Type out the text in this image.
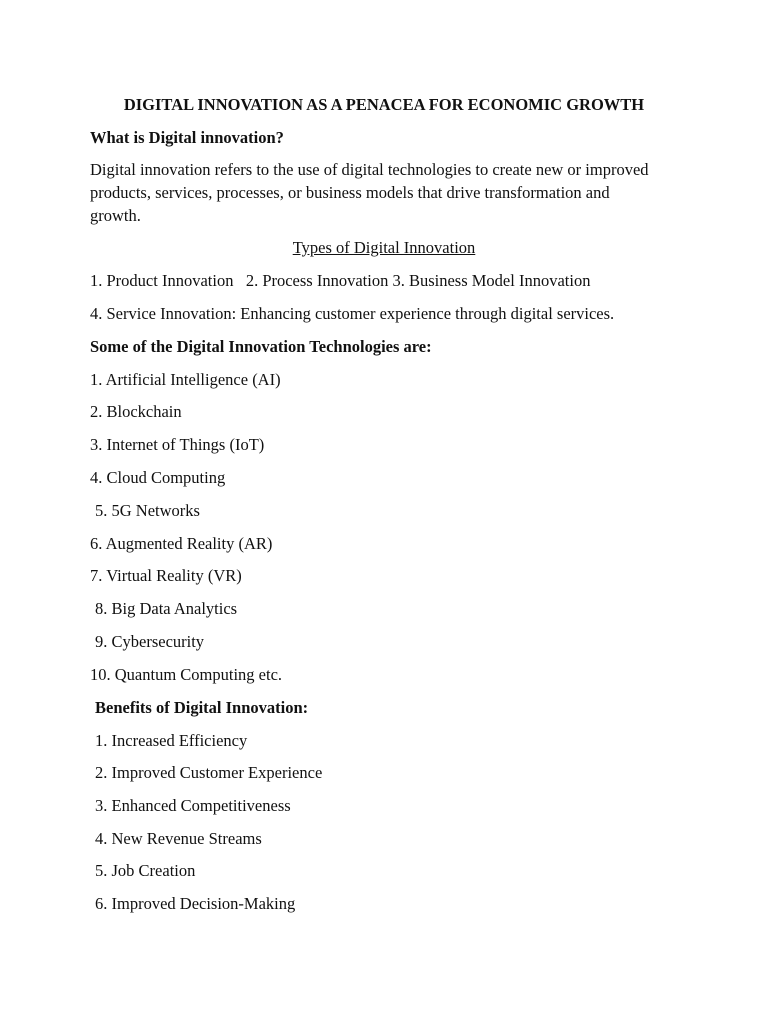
DIGITAL INNOVATION AS A PENACEA FOR ECONOMIC GROWTH
What is Digital innovation?

Digital innovation refers to the use of digital technologies to create new or improved products, services, processes, or business models that drive transformation and growth.

Types of Digital Innovation
1. Product Innovation   2. Process Innovation 3. Business Model Innovation
4. Service Innovation: Enhancing customer experience through digital services.
Some of the Digital Innovation Technologies are:
1. Artificial Intelligence (AI)
2. Blockchain
3. Internet of Things (IoT)
4. Cloud Computing
5. 5G Networks
6. Augmented Reality (AR)
7. Virtual Reality (VR)
8. Big Data Analytics
9. Cybersecurity
10. Quantum Computing etc.
Benefits of Digital Innovation:
1. Increased Efficiency
2. Improved Customer Experience
3. Enhanced Competitiveness
4. New Revenue Streams
5. Job Creation
6. Improved Decision-Making
